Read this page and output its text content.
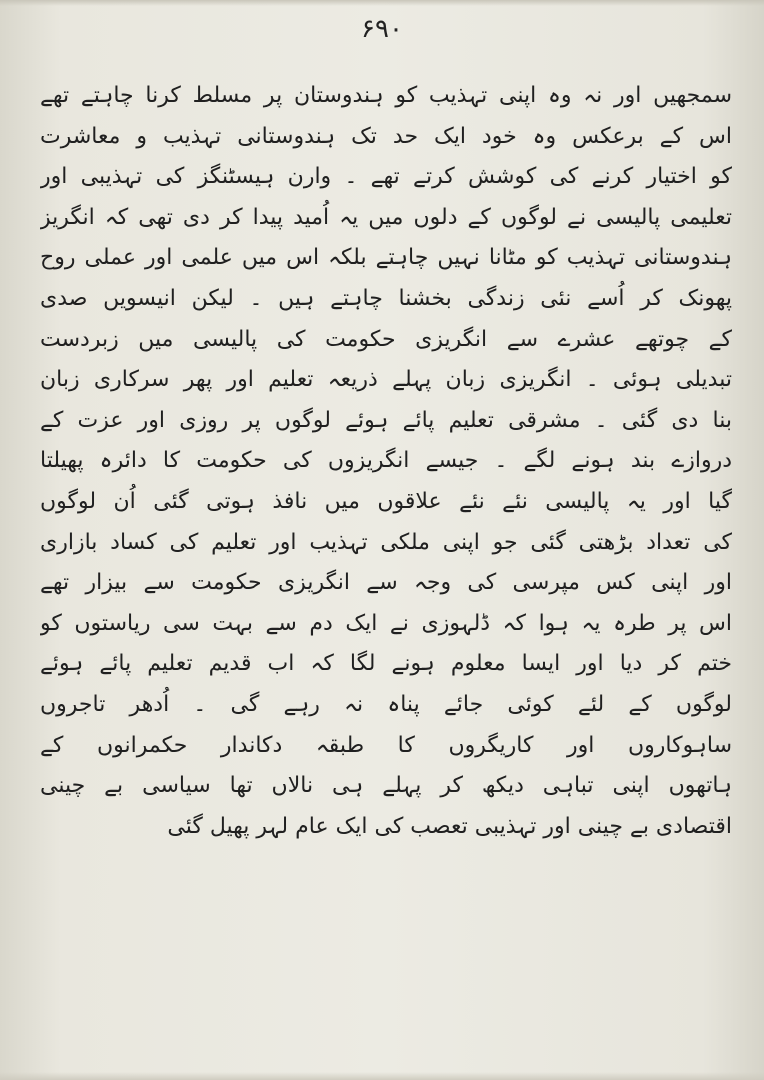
۶۹۰
سمجھیں اور نہ وہ اپنی تہذیب کو ہندوستان پر مسلط کرنا چاہتے تھے
اس کے برعکس وہ خود ایک حد تک ہندوستانی تہذیب و معاشرت
کو اختیار کرنے کی کوشش کرتے تھے ۔ وارن ہیسٹنگز کی تہذیبی اور
تعلیمی پالیسی نے لوگوں کے دلوں میں یہ اُمید پیدا کر دی تھی کہ انگریز
ہندوستانی تہذیب کو مٹانا نہیں چاہتے بلکہ اس میں علمی اور عملی روح
پھونک کر اُسے نئی زندگی بخشنا چاہتے ہیں ۔ لیکن انیسویں صدی
کے چوتھے عشرے سے انگریزی حکومت کی پالیسی میں زبردست
تبدیلی ہوئی ۔ انگریزی زبان پہلے ذریعہ تعلیم اور پھر سرکاری زبان
بنا دی گئی ۔ مشرقی تعلیم پائے ہوئے لوگوں پر روزی اور عزت کے
دروازے بند ہونے لگے ۔ جیسے انگریزوں کی حکومت کا دائرہ پھیلتا
گیا اور یہ پالیسی نئے نئے علاقوں میں نافذ ہوتی گئی اُن لوگوں
کی تعداد بڑھتی گئی جو اپنی ملکی تہذیب اور تعلیم کی کساد بازاری
اور اپنی کس مپرسی کی وجہ سے انگریزی حکومت سے بیزار تھے
اس پر طرہ یہ ہوا کہ ڈلہوزی نے ایک دم سے بہت سی ریاستوں کو
ختم کر دیا اور ایسا معلوم ہونے لگا کہ اب قدیم تعلیم پائے ہوئے
لوگوں کے لئے کوئی جائے پناہ نہ رہے گی ۔ اُدھر تاجروں
ساہوکاروں اور کاریگروں کا طبقہ دکاندار حکمرانوں کے
ہاتھوں اپنی تباہی دیکھ کر پہلے ہی نالاں تھا سیاسی بے چینی
اقتصادی بے چینی اور تہذیبی تعصب کی ایک عام لہر پھیل گئی
